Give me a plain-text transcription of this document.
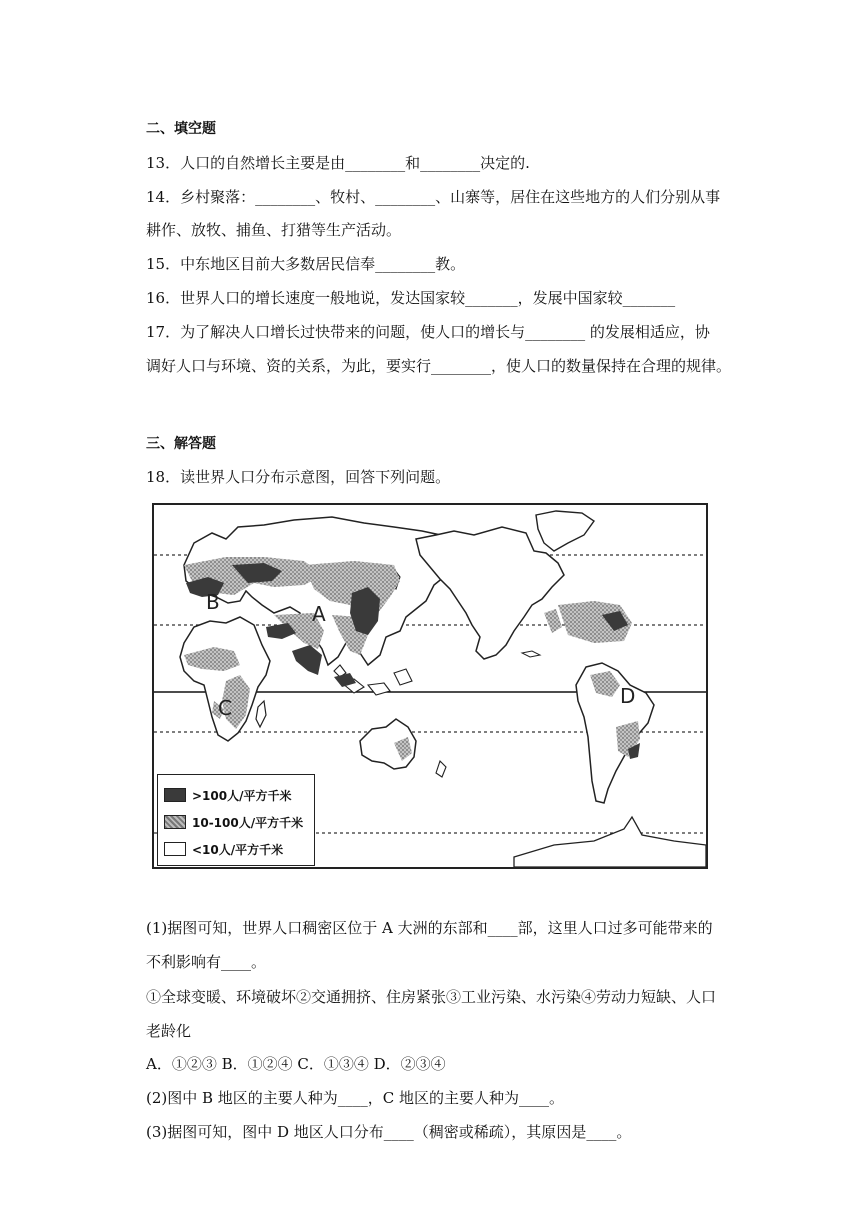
二、填空题
13．人口的自然增长主要是由________和________决定的.
14．乡村聚落：________、牧村、________、山寨等，居住在这些地方的人们分别从事
耕作、放牧、捕鱼、打猎等生产活动。
15．中东地区目前大多数居民信奉________教。
16．世界人口的增长速度一般地说，发达国家较_______，发展中国家较_______
17．为了解决人口增长过快带来的问题，使人口的增长与________ 的发展相适应，协
调好人口与环境、资的关系，为此，要实行________，使人口的数量保持在合理的规律。
三、解答题
18．读世界人口分布示意图，回答下列问题。
B	A
C	D
>100人/平方千米
10-100人/平方千米
<10人/平方千米
(1)据图可知，世界人口稠密区位于 A 大洲的东部和____部，这里人口过多可能带来的
不利影响有____。
①全球变暖、环境破坏②交通拥挤、住房紧张③工业污染、水污染④劳动力短缺、人口
老龄化
A．①②③ B．①②④ C．①③④ D．②③④
(2)图中 B 地区的主要人种为____，C 地区的主要人种为____。
(3)据图可知，图中 D 地区人口分布____（稠密或稀疏），其原因是____。
